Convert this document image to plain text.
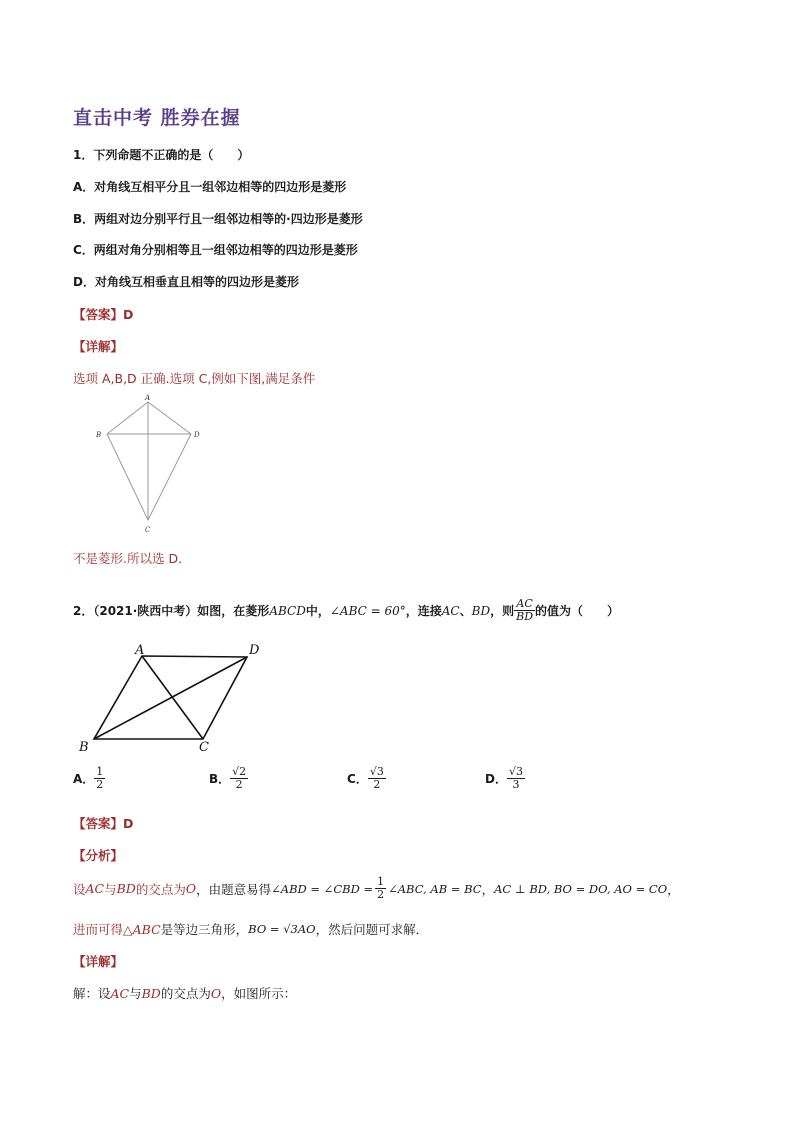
直击中考 胜券在握
1．下列命题不正确的是（　　）
A．对角线互相平分且一组邻边相等的四边形是菱形
B．两组对边分别平行且一组邻边相等的·四边形是菱形
C．两组对角分别相等且一组邻边相等的四边形是菱形
D．对角线互相垂直且相等的四边形是菱形
【答案】D
【详解】
选项 A,B,D 正确.选项 C,例如下图,满足条件
A
B	D
C
不是菱形.所以选 D.
2．（2021·陕西中考）如图，在菱形 ABCD 中， ∠ABC = 60° ，连接 AC 、 BD ，则 $\frac{AC}{BD}$ 的值为（　　）
A	D
B	C
A． $\frac{1}{2}$	B． $\frac{√2}{2}$	C． $\frac{√3}{2}$	D． $\frac{√3}{3}$
【答案】D
【分析】
设 AC 与 BD 的交点为 O ，由题意易得 ∠ABD = ∠CBD = $\frac{1}{2}$ ∠ABC, AB = BC ， AC ⊥ BD, BO = DO, AO = CO ，
进而可得 △ABC 是等边三角形， BO = √3AO ，然后问题可求解．
【详解】
解：设 AC 与 BD 的交点为 O ，如图所示：
